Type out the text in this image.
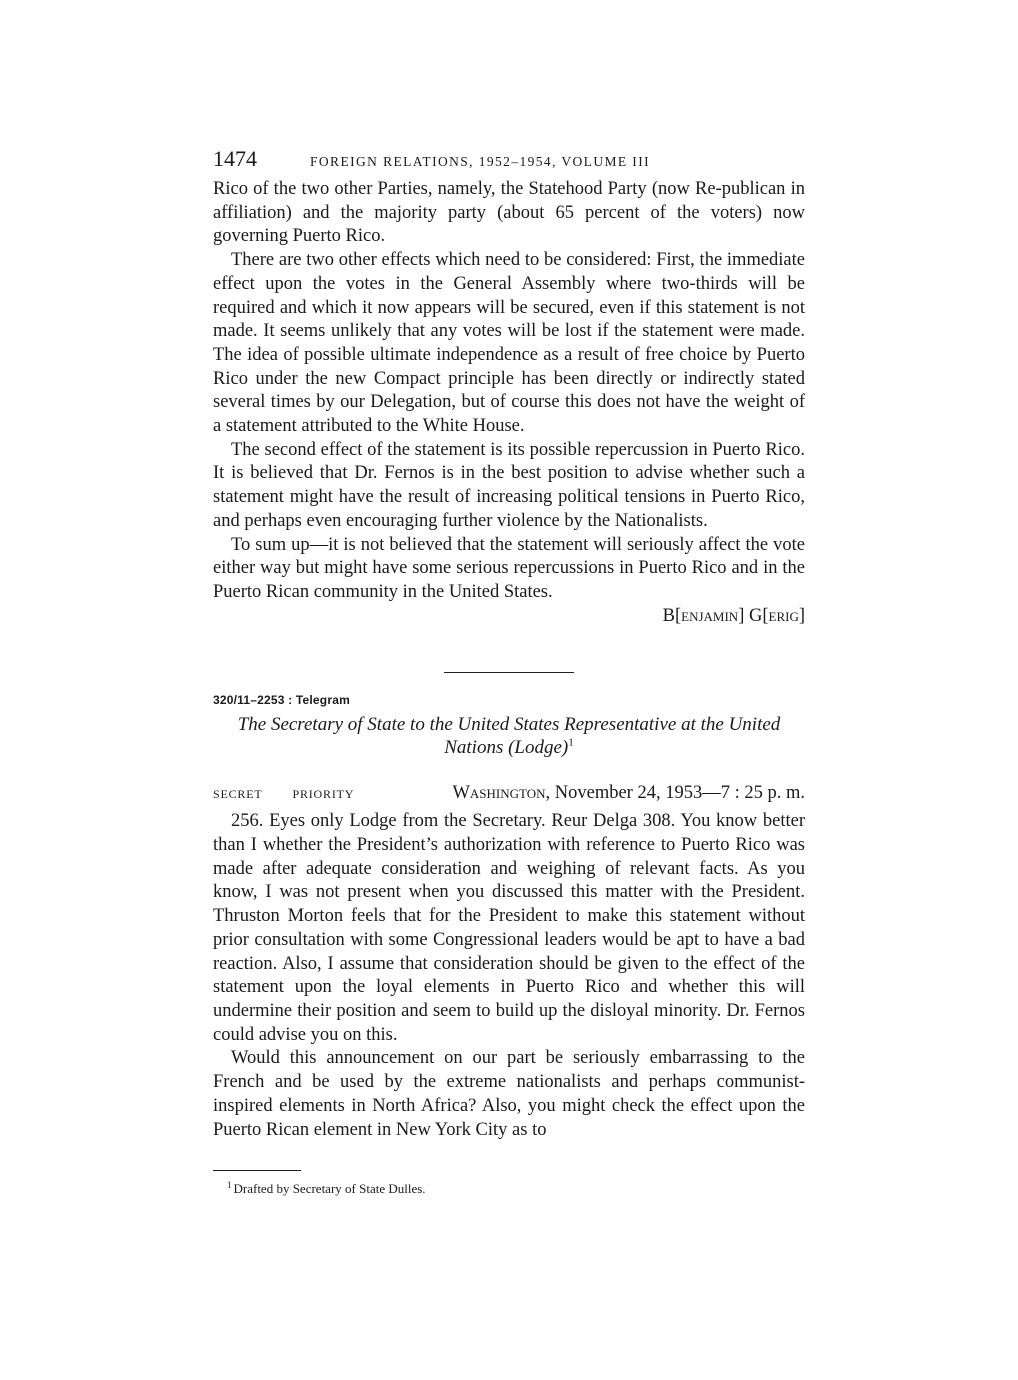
1474	FOREIGN RELATIONS, 1952–1954, VOLUME III

Rico of the two other Parties, namely, the Statehood Party (now Re-publican in affiliation) and the majority party (about 65 percent of the voters) now governing Puerto Rico.

There are two other effects which need to be considered: First, the immediate effect upon the votes in the General Assembly where two-thirds will be required and which it now appears will be secured, even if this statement is not made. It seems unlikely that any votes will be lost if the statement were made. The idea of possible ultimate independence as a result of free choice by Puerto Rico under the new Compact principle has been directly or indirectly stated several times by our Delegation, but of course this does not have the weight of a statement attributed to the White House.

The second effect of the statement is its possible repercussion in Puerto Rico. It is believed that Dr. Fernos is in the best position to advise whether such a statement might have the result of increasing political tensions in Puerto Rico, and perhaps even encouraging further violence by the Nationalists.

To sum up—it is not believed that the statement will seriously affect the vote either way but might have some serious repercussions in Puerto Rico and in the Puerto Rican community in the United States.

B[enjamin] G[erig]
320/11–2253 : Telegram
The Secretary of State to the United States Representative at the United Nations (Lodge)$^1$
SECRET	PRIORITY	Washington, November 24, 1953—7 : 25 p. m.

256. Eyes only Lodge from the Secretary. Reur Delga 308. You know better than I whether the President’s authorization with reference to Puerto Rico was made after adequate consideration and weighing of relevant facts. As you know, I was not present when you discussed this matter with the President. Thruston Morton feels that for the President to make this statement without prior consultation with some Congressional leaders would be apt to have a bad reaction. Also, I assume that consideration should be given to the effect of the statement upon the loyal elements in Puerto Rico and whether this will undermine their position and seem to build up the disloyal minority. Dr. Fernos could advise you on this.

Would this announcement on our part be seriously embarrassing to the French and be used by the extreme nationalists and perhaps communist-inspired elements in North Africa? Also, you might check the effect upon the Puerto Rican element in New York City as to

$^1$ Drafted by Secretary of State Dulles.
